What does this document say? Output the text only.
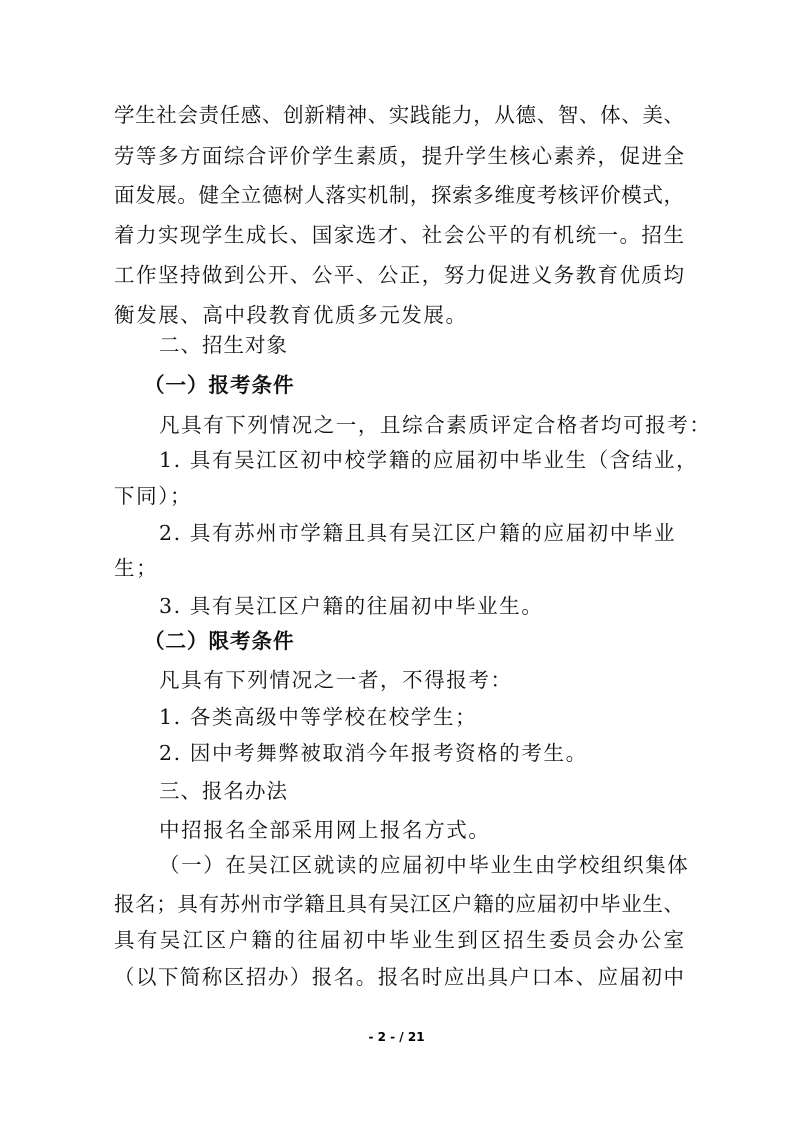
学生社会责任感、创新精神、实践能力，从德、智、体、美、
劳等多方面综合评价学生素质，提升学生核心素养，促进全
面发展。健全立德树人落实机制，探索多维度考核评价模式，
着力实现学生成长、国家选才、社会公平的有机统一。招生
工作坚持做到公开、公平、公正，努力促进义务教育优质均
衡发展、高中段教育优质多元发展。
二、招生对象
（一）报考条件
凡具有下列情况之一，且综合素质评定合格者均可报考：
1. 具有吴江区初中校学籍的应届初中毕业生（含结业，
下同）；
2. 具有苏州市学籍且具有吴江区户籍的应届初中毕业
生；
3. 具有吴江区户籍的往届初中毕业生。
（二）限考条件
凡具有下列情况之一者，不得报考：
1. 各类高级中等学校在校学生；
2. 因中考舞弊被取消今年报考资格的考生。
三、报名办法
中招报名全部采用网上报名方式。
（一）在吴江区就读的应届初中毕业生由学校组织集体
报名；具有苏州市学籍且具有吴江区户籍的应届初中毕业生、
具有吴江区户籍的往届初中毕业生到区招生委员会办公室
（以下简称区招办）报名。报名时应出具户口本、应届初中
- 2 - / 21
